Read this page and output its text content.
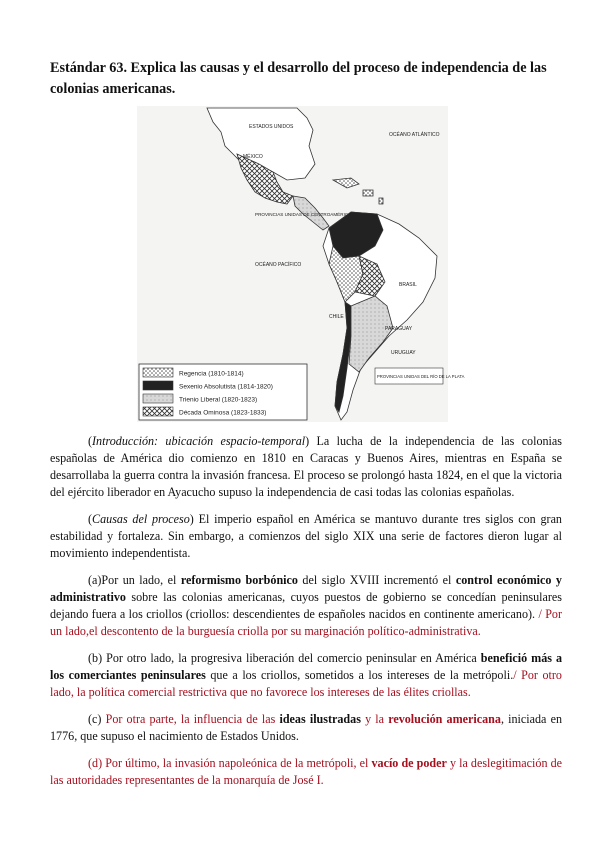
Estándar 63. Explica las causas y el desarrollo del proceso de independencia de las colonias americanas.
ESTADOS UNIDOS
OCÉANO ATLÁNTICO
MÉXICO
PROVINCIAS UNIDAS DE CENTROAMÉRICA
OCÉANO PACÍFICO
BRASIL
PARAGUAY
URUGUAY
CHILE
PROVINCIAS UNIDAS DEL RÍO DE LA PLATA
Regencia (1810-1814)
Sexenio Absolutista (1814-1820)
Trienio Liberal (1820-1823)
Década Ominosa (1823-1833)

(Introducción: ubicación espacio-temporal) La lucha de la independencia de las colonias españolas de América dio comienzo en 1810 en Caracas y Buenos Aires, mientras en España se desarrollaba la guerra contra la invasión francesa. El proceso se prolongó hasta 1824, en el que la victoria del ejército liberador en Ayacucho supuso la independencia de casi todas las colonias españolas.

(Causas del proceso) El imperio español en América se mantuvo durante tres siglos con gran estabilidad y fortaleza. Sin embargo, a comienzos del siglo XIX una serie de factores dieron lugar al movimiento independentista.

(a)Por un lado, el reformismo borbónico del siglo XVIII incrementó el control económico y administrativo sobre las colonias americanas, cuyos puestos de gobierno se concedían peninsulares dejando fuera a los criollos (criollos: descendientes de españoles nacidos en continente americano). / Por un lado,el descontento de la burguesía criolla por su marginación político-administrativa.

(b) Por otro lado, la progresiva liberación del comercio peninsular en América benefició más a los comerciantes peninsulares que a los criollos, sometidos a los intereses de la metrópoli./ Por otro lado, la política comercial restrictiva que no favorece los intereses de las élites criollas.

(c) Por otra parte, la influencia de las ideas ilustradas y la revolución americana, iniciada en 1776, que supuso el nacimiento de Estados Unidos.

(d) Por último, la invasión napoleónica de la metrópoli, el vacío de poder y la deslegitimación de las autoridades representantes de la monarquía de José I.
